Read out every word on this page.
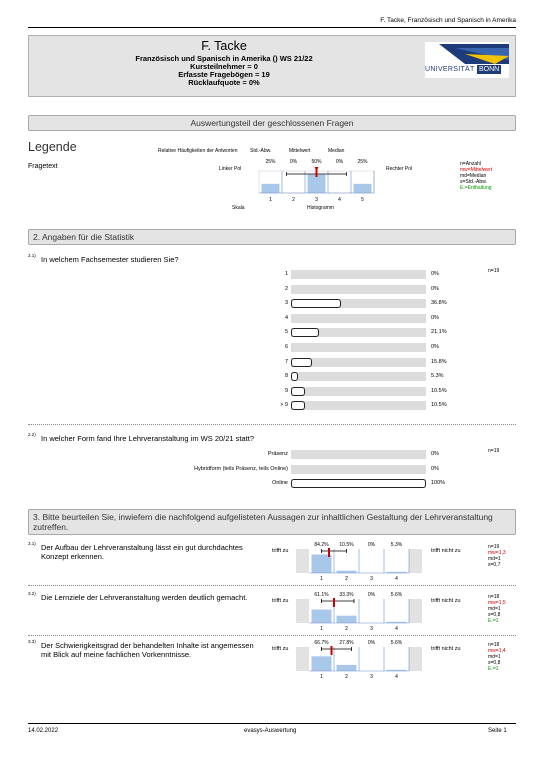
F. Tacke, Französisch und Spanisch in Amerika
F. Tacke
Französisch und Spanisch in Amerika () WS 21/22
Kursteilnehmer = 0
Erfasste Fragebögen = 19
Rücklaufquote = 0%
UNIVERSITÄT BONN
Auswertungsteil der geschlossenen Fragen
Legende
Fragetext
Relative Häufigkeiten der Antworten	Std.-Abw.	Mittelwert	Median
Linker Pol	Rechter Pol
Skala	Histogramm
25%
1
0%
2
50%
3
0%
4
25%
5
n=Anzahl
mw=Mittelwert
md=Median
s=Std.-Abw.
E.=Enthaltung
2. Angaben für die Statistik
2.1) In welchem Fachsemester studieren Sie?
n=19
1	0%
2	0%
3	36.8%
4	0%
5	21.1%
6	0%
7	15.8%
8	5.3%
9	10.5%
> 9	10.5%
2.2) In welcher Form fand Ihre Lehrveranstaltung im WS 20/21 statt?
n=19
Präsenz	0%
Hybridform (teils Präsenz, teils Online)	0%
Online	100%
3. Bitte beurteilen Sie, inwiefern die nachfolgend aufgelisteten Aussagen zur inhaltlichen Gestaltung der Lehrveranstaltung zutreffen.
3.1) Der Aufbau der Lehrveranstaltung lässt ein gut durchdachtes Konzept erkennen.
trifft zu	trifft nicht zu
84.2%
1
10.5%
2
0%
3
5.3%
4
n=19
mw=1,3
md=1
s=0,7
3.2) Die Lernziele der Lehrveranstaltung werden deutlich gemacht.	trifft zu	trifft nicht zu
61.1%
1
33.3%
2
0%
3
5.6%
4
n=18
mw=1,5
md=1
s=0,8
E.=1
3.3) Der Schwierigkeitsgrad der behandelten Inhalte ist angemessen mit Blick auf meine fachlichen Vorkenntnisse.
trifft zu	trifft nicht zu
66.7%
1
27.8%
2
0%
3
5.6%
4
n=18
mw=1,4
md=1
s=0,8
E.=1
14.02.2022	evasys-Auswertung	Seite 1
